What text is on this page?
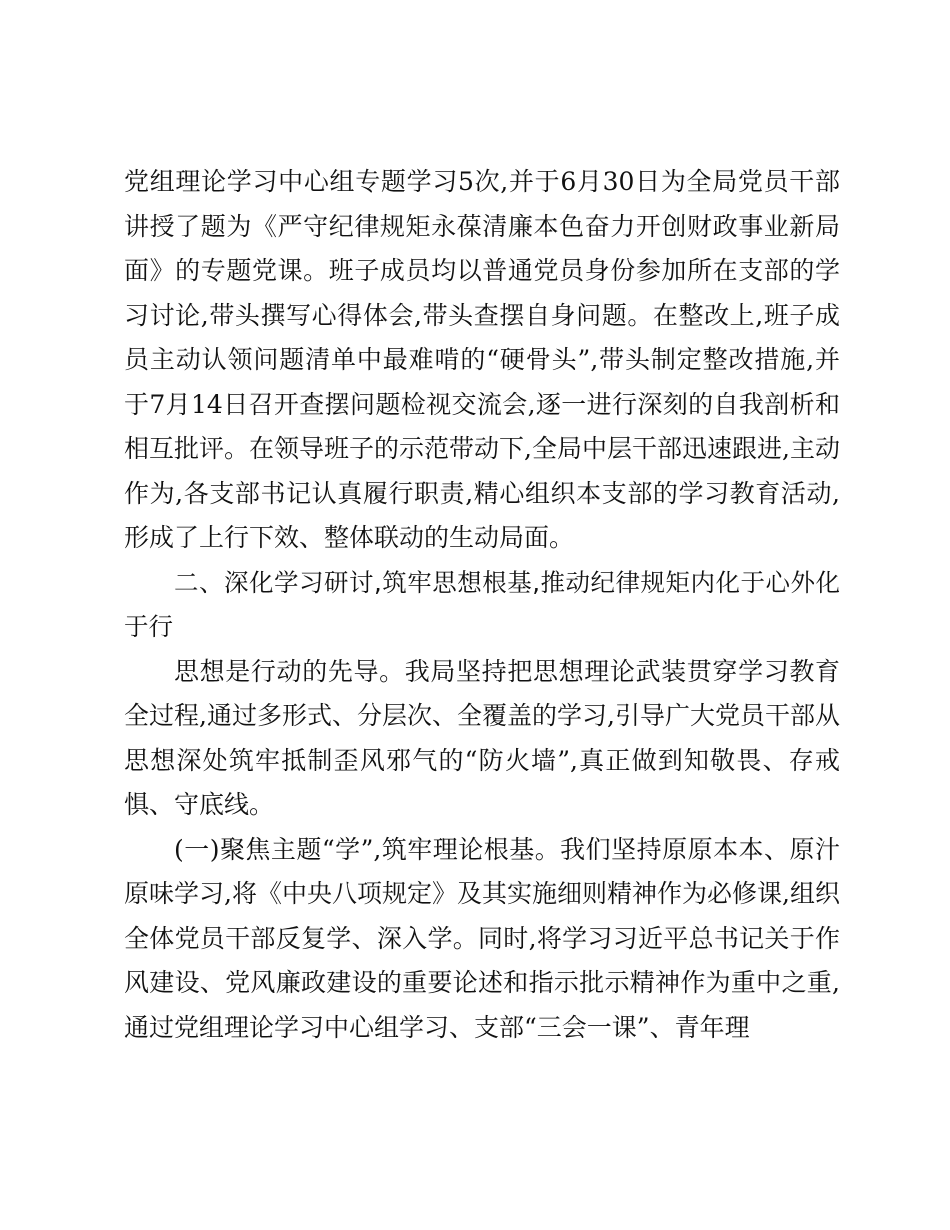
党组理论学习中心组专题学习5次,并于6月30日为全局党员干部讲授了题为《严守纪律规矩永葆清廉本色奋力开创财政事业新局面》的专题党课。班子成员均以普通党员身份参加所在支部的学习讨论,带头撰写心得体会,带头查摆自身问题。在整改上,班子成员主动认领问题清单中最难啃的“硬骨头”,带头制定整改措施,并于7月14日召开查摆问题检视交流会,逐一进行深刻的自我剖析和相互批评。在领导班子的示范带动下,全局中层干部迅速跟进,主动作为,各支部书记认真履行职责,精心组织本支部的学习教育活动,形成了上行下效、整体联动的生动局面。

二、深化学习研讨,筑牢思想根基,推动纪律规矩内化于心外化于行

思想是行动的先导。我局坚持把思想理论武装贯穿学习教育全过程,通过多形式、分层次、全覆盖的学习,引导广大党员干部从思想深处筑牢抵制歪风邪气的“防火墙”,真正做到知敬畏、存戒惧、守底线。

(一)聚焦主题“学”,筑牢理论根基。我们坚持原原本本、原汁原味学习,将《中央八项规定》及其实施细则精神作为必修课,组织全体党员干部反复学、深入学。同时,将学习习近平总书记关于作风建设、党风廉政建设的重要论述和指示批示精神作为重中之重,通过党组理论学习中心组学习、支部“三会一课”、青年理
